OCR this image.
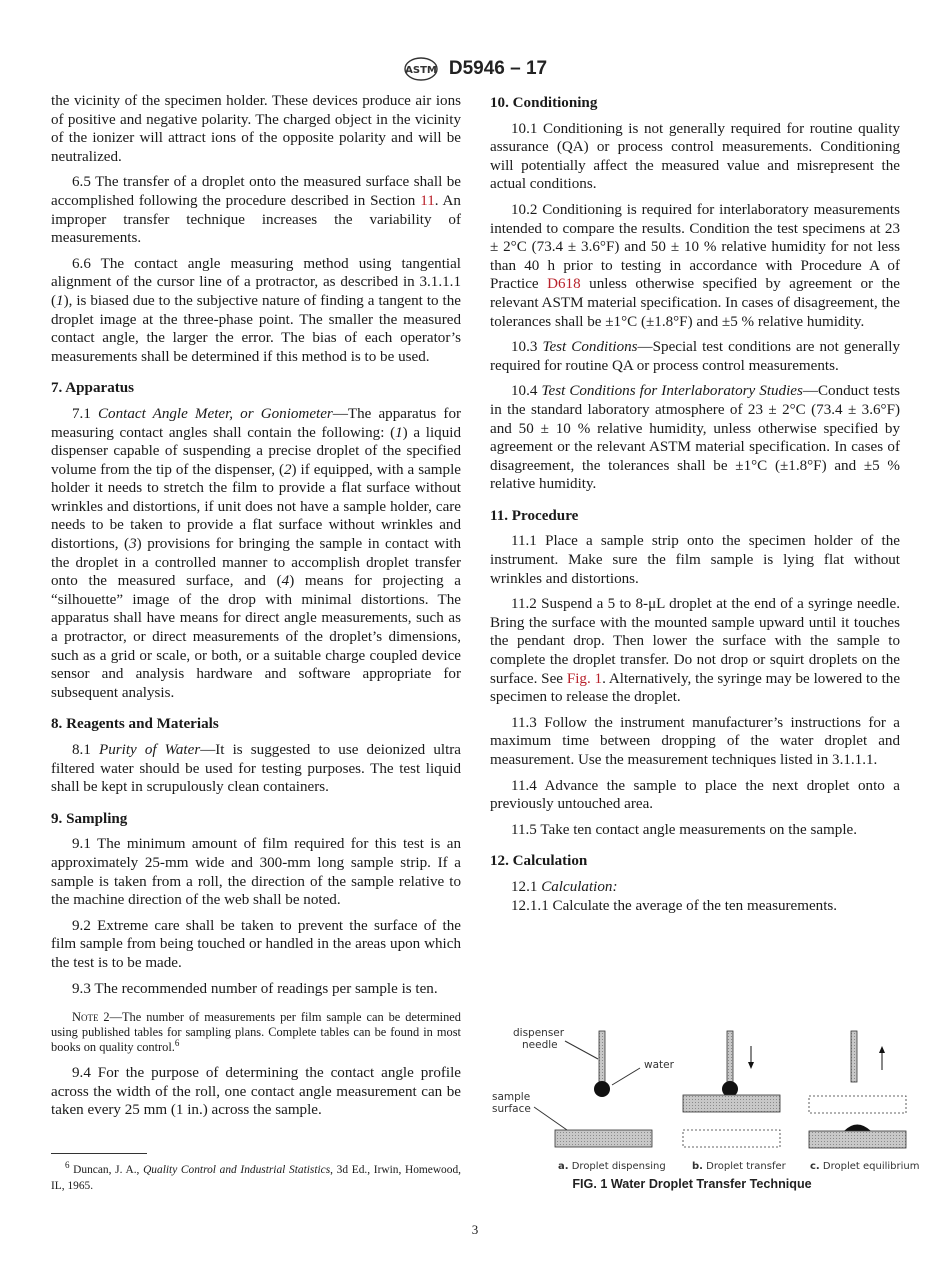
ASTM D5946 – 17

the vicinity of the specimen holder. These devices produce air ions of positive and negative polarity. The charged object in the vicinity of the ionizer will attract ions of the opposite polarity and will be neutralized.

6.5 The transfer of a droplet onto the measured surface shall be accomplished following the procedure described in Section 11. An improper transfer technique increases the variability of measurements.

6.6 The contact angle measuring method using tangential alignment of the cursor line of a protractor, as described in 3.1.1.1 (1), is biased due to the subjective nature of finding a tangent to the droplet image at the three-phase point. The smaller the measured contact angle, the larger the error. The bias of each operator’s measurements shall be determined if this method is to be used.

7. Apparatus

7.1 Contact Angle Meter, or Goniometer—The apparatus for measuring contact angles shall contain the following: (1) a liquid dispenser capable of suspending a precise droplet of the specified volume from the tip of the dispenser, (2) if equipped, with a sample holder it needs to stretch the film to provide a flat surface without wrinkles and distortions, if unit does not have a sample holder, care needs to be taken to provide a flat surface without wrinkles and distortions, (3) provisions for bringing the sample in contact with the droplet in a controlled manner to accomplish droplet transfer onto the measured surface, and (4) means for projecting a “silhouette” image of the drop with minimal distortions. The apparatus shall have means for direct angle measurements, such as a protractor, or direct measurements of the droplet’s dimensions, such as a grid or scale, or both, or a suitable charge coupled device sensor and analysis hardware and software appropriate for subsequent analysis.

8. Reagents and Materials

8.1 Purity of Water—It is suggested to use deionized ultra filtered water should be used for testing purposes. The test liquid shall be kept in scrupulously clean containers.

9. Sampling

9.1 The minimum amount of film required for this test is an approximately 25-mm wide and 300-mm long sample strip. If a sample is taken from a roll, the direction of the sample relative to the machine direction of the web shall be noted.

9.2 Extreme care shall be taken to prevent the surface of the film sample from being touched or handled in the areas upon which the test is to be made.

9.3 The recommended number of readings per sample is ten.

Note 2—The number of measurements per film sample can be determined using published tables for sampling plans. Complete tables can be found in most books on quality control.$^6$

9.4 For the purpose of determining the contact angle profile across the width of the roll, one contact angle measurement can be taken every 25 mm (1 in.) across the sample.

$^6$ Duncan, J. A., Quality Control and Industrial Statistics, 3d Ed., Irwin, Homewood, IL, 1965.
10. Conditioning

10.1 Conditioning is not generally required for routine quality assurance (QA) or process control measurements. Conditioning will potentially affect the measured value and misrepresent the actual conditions.

10.2 Conditioning is required for interlaboratory measurements intended to compare the results. Condition the test specimens at 23 ± 2°C (73.4 ± 3.6°F) and 50 ± 10 % relative humidity for not less than 40 h prior to testing in accordance with Procedure A of Practice D618 unless otherwise specified by agreement or the relevant ASTM material specification. In cases of disagreement, the tolerances shall be ±1°C (±1.8°F) and ±5 % relative humidity.

10.3 Test Conditions—Special test conditions are not generally required for routine QA or process control measurements.

10.4 Test Conditions for Interlaboratory Studies—Conduct tests in the standard laboratory atmosphere of 23 ± 2°C (73.4 ± 3.6°F) and 50 ± 10 % relative humidity, unless otherwise specified by agreement or the relevant ASTM material specification. In cases of disagreement, the tolerances shall be ±1°C (±1.8°F) and ±5 % relative humidity.

11. Procedure

11.1 Place a sample strip onto the specimen holder of the instrument. Make sure the film sample is lying flat without wrinkles and distortions.

11.2 Suspend a 5 to 8-μL droplet at the end of a syringe needle. Bring the surface with the mounted sample upward until it touches the pendant drop. Then lower the surface with the sample to complete the droplet transfer. Do not drop or squirt droplets on the surface. See Fig. 1. Alternatively, the syringe may be lowered to the specimen to release the droplet.

11.3 Follow the instrument manufacturer’s instructions for a maximum time between dropping of the water droplet and measurement. Use the measurement techniques listed in 3.1.1.1.

11.4 Advance the sample to place the next droplet onto a previously untouched area.

11.5 Take ten contact angle measurements on the sample.

12. Calculation

12.1 Calculation:

12.1.1 Calculate the average of the ten measurements.

dispenser
needle
water
sample
surface
a. Droplet dispensing	b. Droplet transfer c. Droplet equilibrium
FIG. 1 Water Droplet Transfer Technique
3
